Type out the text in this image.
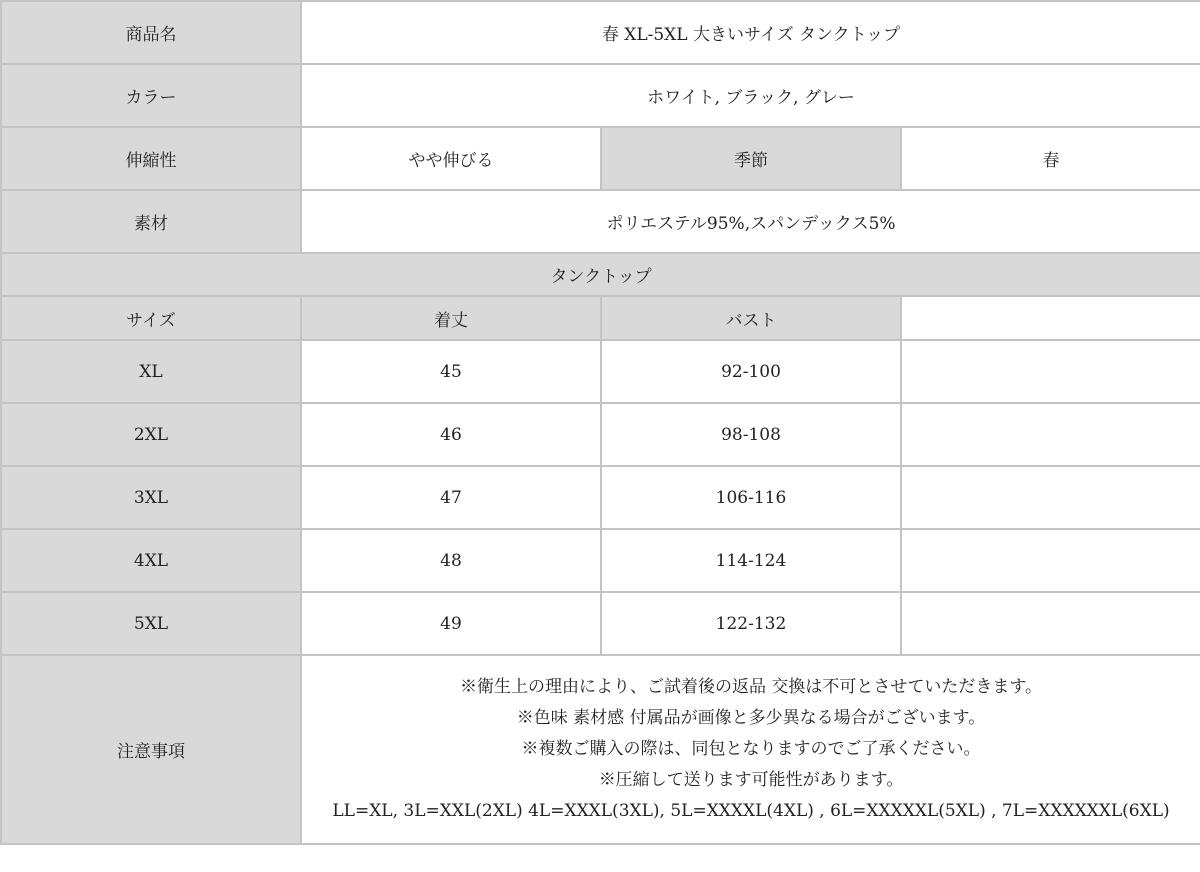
商品名	春 XL-5XL 大きいサイズ タンクトップ		
カラー	ホワイト, ブラック, グレー		
伸縮性	やや伸びる	季節	春
素材	ポリエステル95%,スパンデックス5%		
タンクトップ			
サイズ	着丈	バスト	
XL	45	92-100	
2XL	46	98-108	
3XL	47	106-116	
4XL	48	114-124	
5XL	49	122-132	
注意事項	※衛生上の理由により、ご試着後の返品 交換は不可とさせていただきます。
※色味 素材感 付属品が画像と多少異なる場合がございます。
※複数ご購入の際は、同包となりますのでご了承ください。
※圧縮して送ります可能性があります。
LL=XL, 3L=XXL(2XL) 4L=XXXL(3XL), 5L=XXXXL(4XL) , 6L=XXXXXL(5XL) , 7L=XXXXXXL(6XL)		
